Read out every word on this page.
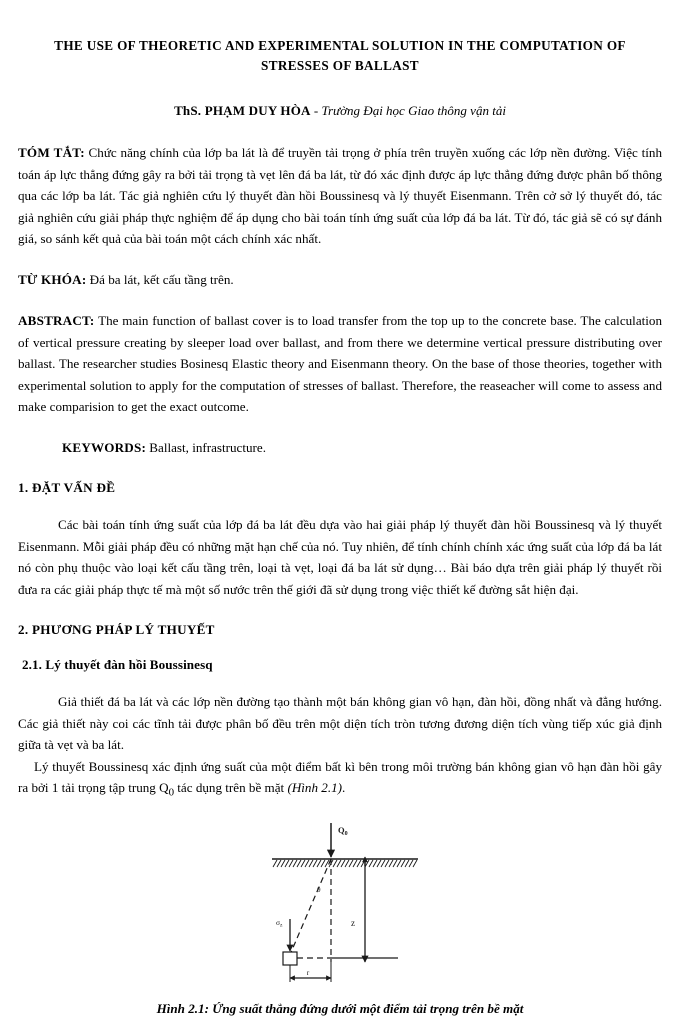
THE USE OF THEORETIC AND EXPERIMENTAL SOLUTION IN THE COMPUTATION OF STRESSES OF BALLAST
ThS. PHẠM DUY HÒA - Trường Đại học Giao thông vận tải

TÓM TẮT: Chức năng chính của lớp ba lát là để truyền tải trọng ở phía trên truyền xuống các lớp nền đường. Việc tính toán áp lực thẳng đứng gây ra bởi tải trọng tà vẹt lên đá ba lát, từ đó xác định được áp lực thẳng đứng được phân bố thông qua các lớp ba lát. Tác giả nghiên cứu lý thuyết đàn hồi Boussinesq và lý thuyết Eisenmann. Trên cở sở lý thuyết đó, tác giả nghiên cứu giải pháp thực nghiệm để áp dụng cho bài toán tính ứng suất của lớp đá ba lát. Từ đó, tác giả sẽ có sự đánh giá, so sánh kết quả của bài toán một cách chính xác nhất.

TỪ KHÓA: Đá ba lát, kết cấu tầng trên.

ABSTRACT: The main function of ballast cover is to load transfer from the top up to the concrete base. The calculation of vertical pressure creating by sleeper load over ballast, and from there we determine vertical pressure distributing over ballast. The researcher studies Bosinesq Elastic theory and Eisenmann theory. On the base of those theories, together with experimental solution to apply for the computation of stresses of ballast. Therefore, the reaseacher will come to assess and make comparision to get the exact outcome.

KEYWORDS: Ballast, infrastructure.

1. ĐẶT VẤN ĐỀ

Các bài toán tính ứng suất của lớp đá ba lát đều dựa vào hai giải pháp lý thuyết đàn hồi Boussinesq và lý thuyết Eisenmann. Mỗi giải pháp đều có những mặt hạn chế của nó. Tuy nhiên, để tính chính chính xác ứng suất của lớp đá ba lát nó còn phụ thuộc vào loại kết cấu tầng trên, loại tà vẹt, loại đá ba lát sử dụng… Bài báo dựa trên giải pháp lý thuyết rồi đưa ra các giải pháp thực tế mà một số nước trên thế giới đã sử dụng trong việc thiết kế đường sắt hiện đại.

2. PHƯƠNG PHÁP LÝ THUYẾT
2.1. Lý thuyết đàn hồi Boussinesq

Giả thiết đá ba lát và các lớp nền đường tạo thành một bán không gian vô hạn, đàn hồi, đồng nhất và đẳng hướng. Các giả thiết này coi các tĩnh tải được phân bố đều trên một diện tích tròn tương đương diện tích vùng tiếp xúc giả định giữa tà vẹt và ba lát.

Lý thuyết Boussinesq xác định ứng suất của một điểm bất kì bên trong môi trường bán không gian vô hạn đàn hồi gây ra bởi 1 tải trọng tập trung $Q_0$ tác dụng trên bề mặt (Hình 2.1).

$Q_0$
θ
z
$\sigma_z$
r
Hình 2.1: Ứng suất thẳng đứng dưới một điểm tải trọng trên bề mặt
